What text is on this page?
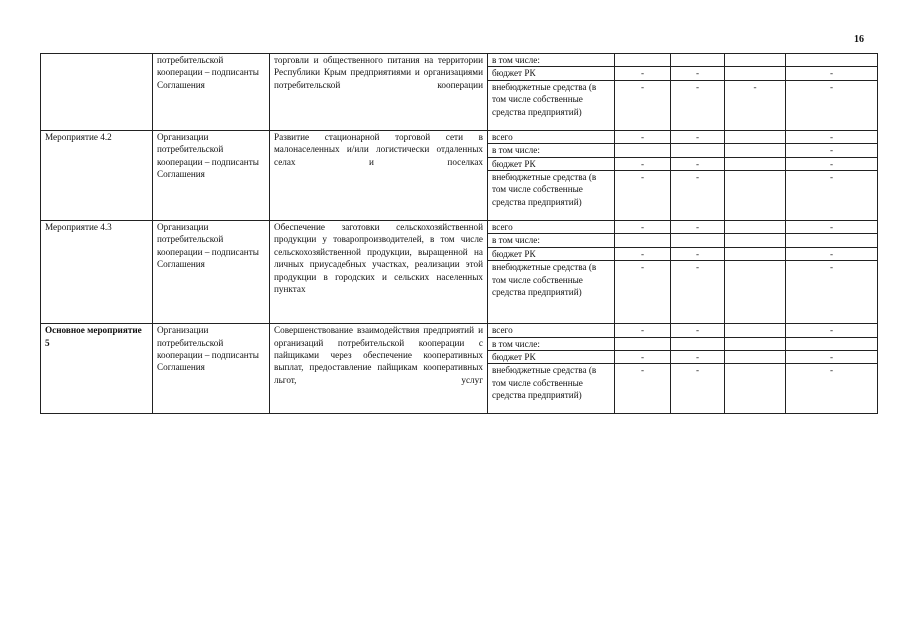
16
	потребительской кооперации – подписанты Соглашения	торговли и общественного питания на территории Республики Крым предприятиями и организациями потребительской кооперации	в том числе:				
			бюджет РК	-	-		-
			внебюджетные средства (в том числе собственные средства предприятий)	-	-	-	-
Мероприятие 4.2	Организации потребительской кооперации – подписанты Соглашения	Развитие стационарной торговой сети в малонаселенных и/или логистически отдаленных селах и поселках	всего	-	-		-
			в том числе:				-
			бюджет РК	-	-		-
			внебюджетные средства (в том числе собственные средства предприятий)	-	-		-
Мероприятие 4.3	Организации потребительской кооперации – подписанты Соглашения	Обеспечение заготовки сельскохозяйственной продукции у товаропроизводителей, в том числе сельскохозяйственной продукции, выращенной на личных приусадебных участках, реализации этой продукции в городских и сельских населенных пунктах	всего	-	-		-
			в том числе:				
			бюджет РК	-	-		-
			внебюджетные средства (в том числе собственные средства предприятий)	-	-		-
Основное мероприятие 5	Организации потребительской кооперации – подписанты Соглашения	Совершенствование взаимодействия предприятий и организаций потребительской кооперации с пайщиками через обеспечение кооперативных выплат, предоставление пайщикам кооперативных льгот, услуг	всего	-	-		-
			в том числе:				
			бюджет РК	-	-		-
			внебюджетные средства (в том числе собственные средства предприятий)	-	-		-
